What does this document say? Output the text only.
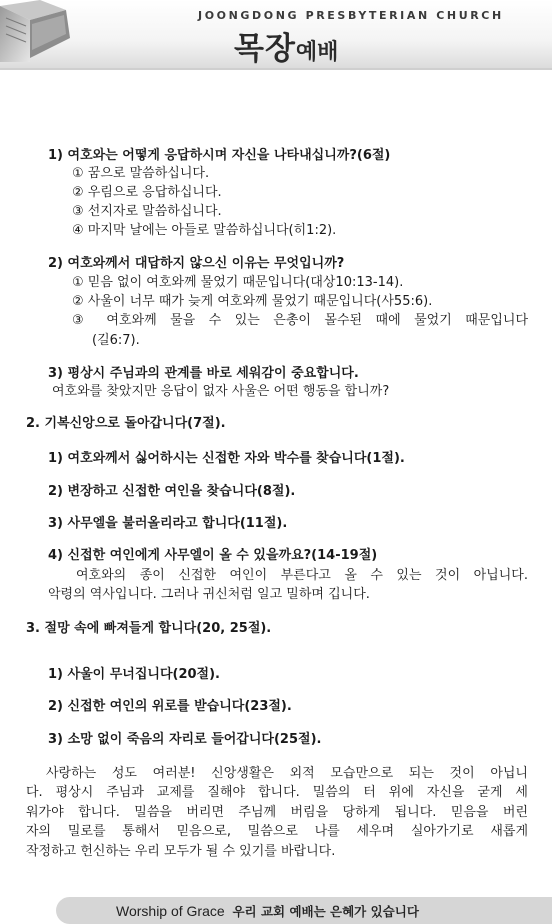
JOONGDONG PRESBYTERIAN CHURCH
목장예배
1) 여호와는 어떻게 응답하시며 자신을 나타내십니까?(6절)
① 꿈으로 말씀하십니다.
② 우림으로 응답하십니다.
③ 선지자로 말씀하십니다.
④ 마지막 날에는 아들로 말씀하십니다(히1:2).
2) 여호와께서 대답하지 않으신 이유는 무엇입니까?
① 믿음 없이 여호와께 물었기 때문입니다(대상10:13-14).
② 사울이 너무 때가 늦게 여호와께 물었기 때문입니다(사55:6).
③ 여호와께 물을 수 있는 은총이 몰수된 때에 물었기 때문입니다
(길6:7).
3) 평상시 주님과의 관계를 바로 세워감이 중요합니다.
여호와를 찾았지만 응답이 없자 사울은 어떤 행동을 합니까?
2. 기복신앙으로 돌아갑니다(7절).
1) 여호와께서 싫어하시는 신접한 자와 박수를 찾습니다(1절).
2) 변장하고 신접한 여인을 찾습니다(8절).
3) 사무엘을 불러올리라고 합니다(11절).
4) 신접한 여인에게 사무엘이 올 수 있을까요?(14-19절)
여호와의 종이 신접한 여인이 부른다고 올 수 있는 것이 아닙니다.
악령의 역사입니다. 그러나 귀신처럼 일고 밀하며 깁니다.
3. 절망 속에 빠져들게 합니다(20, 25절).
1) 사울이 무너집니다(20절).
2) 신접한 여인의 위로를 받습니다(23절).
3) 소망 없이 죽음의 자리로 들어갑니다(25절).
사랑하는 성도 여러분! 신앙생활은 외적 모습만으로 되는 것이 아닙니
다. 평상시 주님과 교제를 질해야 합니다. 밀씀의 터 위에 자신을 굳게 세
워가야 합니다. 밀씀을 버리면 주님께 버림을 당하게 됩니다. 믿음을 버린
자의 밀로를 통해서 믿음으로, 밀씀으로 나를 세우며 실아가기로 새롭게
작정하고 헌신하는 우리 모두가 될 수 있기를 바랍니다.
Worship of Grace 우리 교회 예배는 은혜가 있습니다
